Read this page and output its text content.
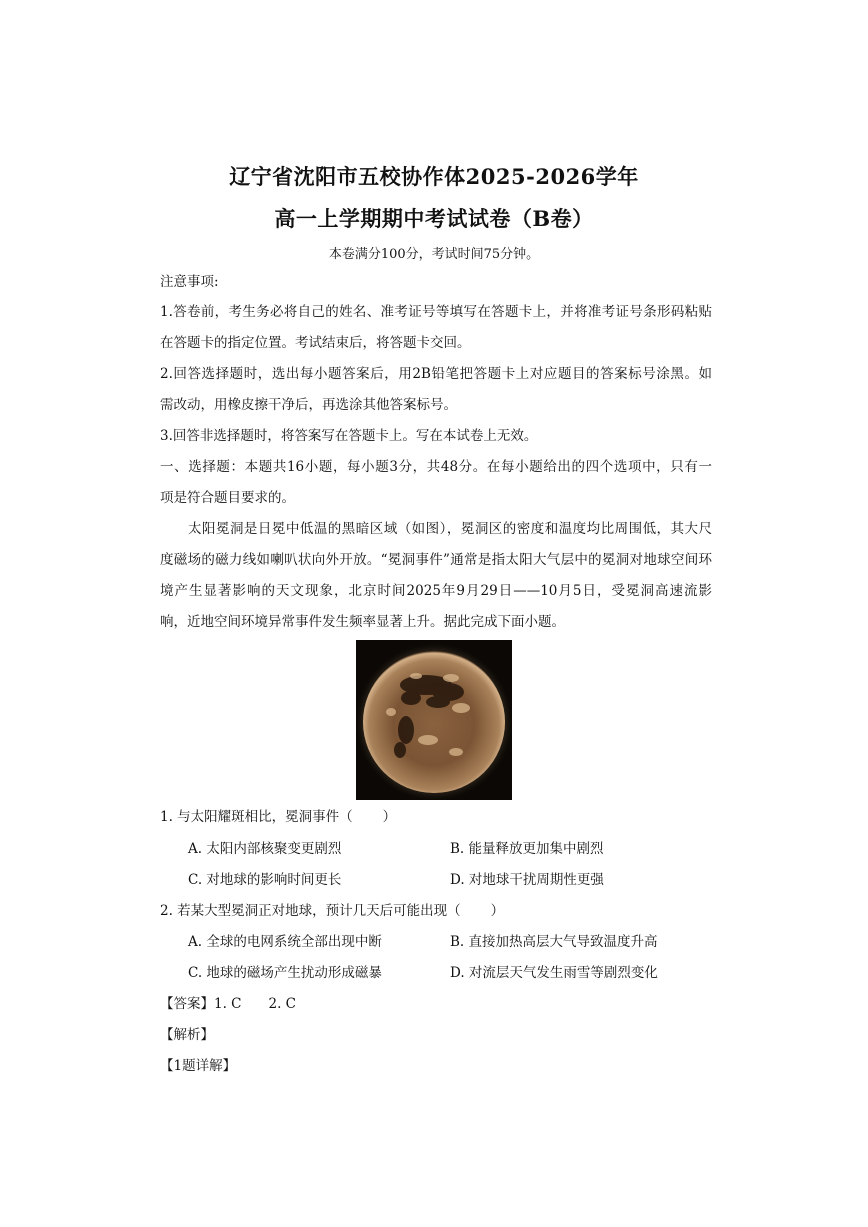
辽宁省沈阳市五校协作体2025-2026学年
高一上学期期中考试试卷（B卷）
本卷满分100分，考试时间75分钟。
注意事项:
1.答卷前，考生务必将自己的姓名、准考证号等填写在答题卡上，并将准考证号条形码粘贴
在答题卡的指定位置。考试结束后，将答题卡交回。
2.回答选择题时，选出每小题答案后，用2B铅笔把答题卡上对应题目的答案标号涂黑。如
需改动，用橡皮擦干净后，再选涂其他答案标号。
3.回答非选择题时，将答案写在答题卡上。写在本试卷上无效。
一、选择题：本题共16小题，每小题3分，共48分。在每小题给出的四个选项中，只有一
项是符合题目要求的。
太阳冕洞是日冕中低温的黑暗区域（如图），冕洞区的密度和温度均比周围低，其大尺
度磁场的磁力线如喇叭状向外开放。“冕洞事件”通常是指太阳大气层中的冕洞对地球空间环
境产生显著影响的天文现象，北京时间2025年9月29日——10月5日，受冕洞高速流影
响，近地空间环境异常事件发生频率显著上升。据此完成下面小题。
1. 与太阳耀斑相比，冕洞事件（ ）
A. 太阳内部核聚变更剧烈	B. 能量释放更加集中剧烈
C. 对地球的影响时间更长	D. 对地球干扰周期性更强
2. 若某大型冕洞正对地球，预计几天后可能出现（ ）
A. 全球的电网系统全部出现中断	B. 直接加热高层大气导致温度升高
C. 地球的磁场产生扰动形成磁暴	D. 对流层天气发生雨雪等剧烈变化
【答案】1. C　　2. C
【解析】
【1题详解】
